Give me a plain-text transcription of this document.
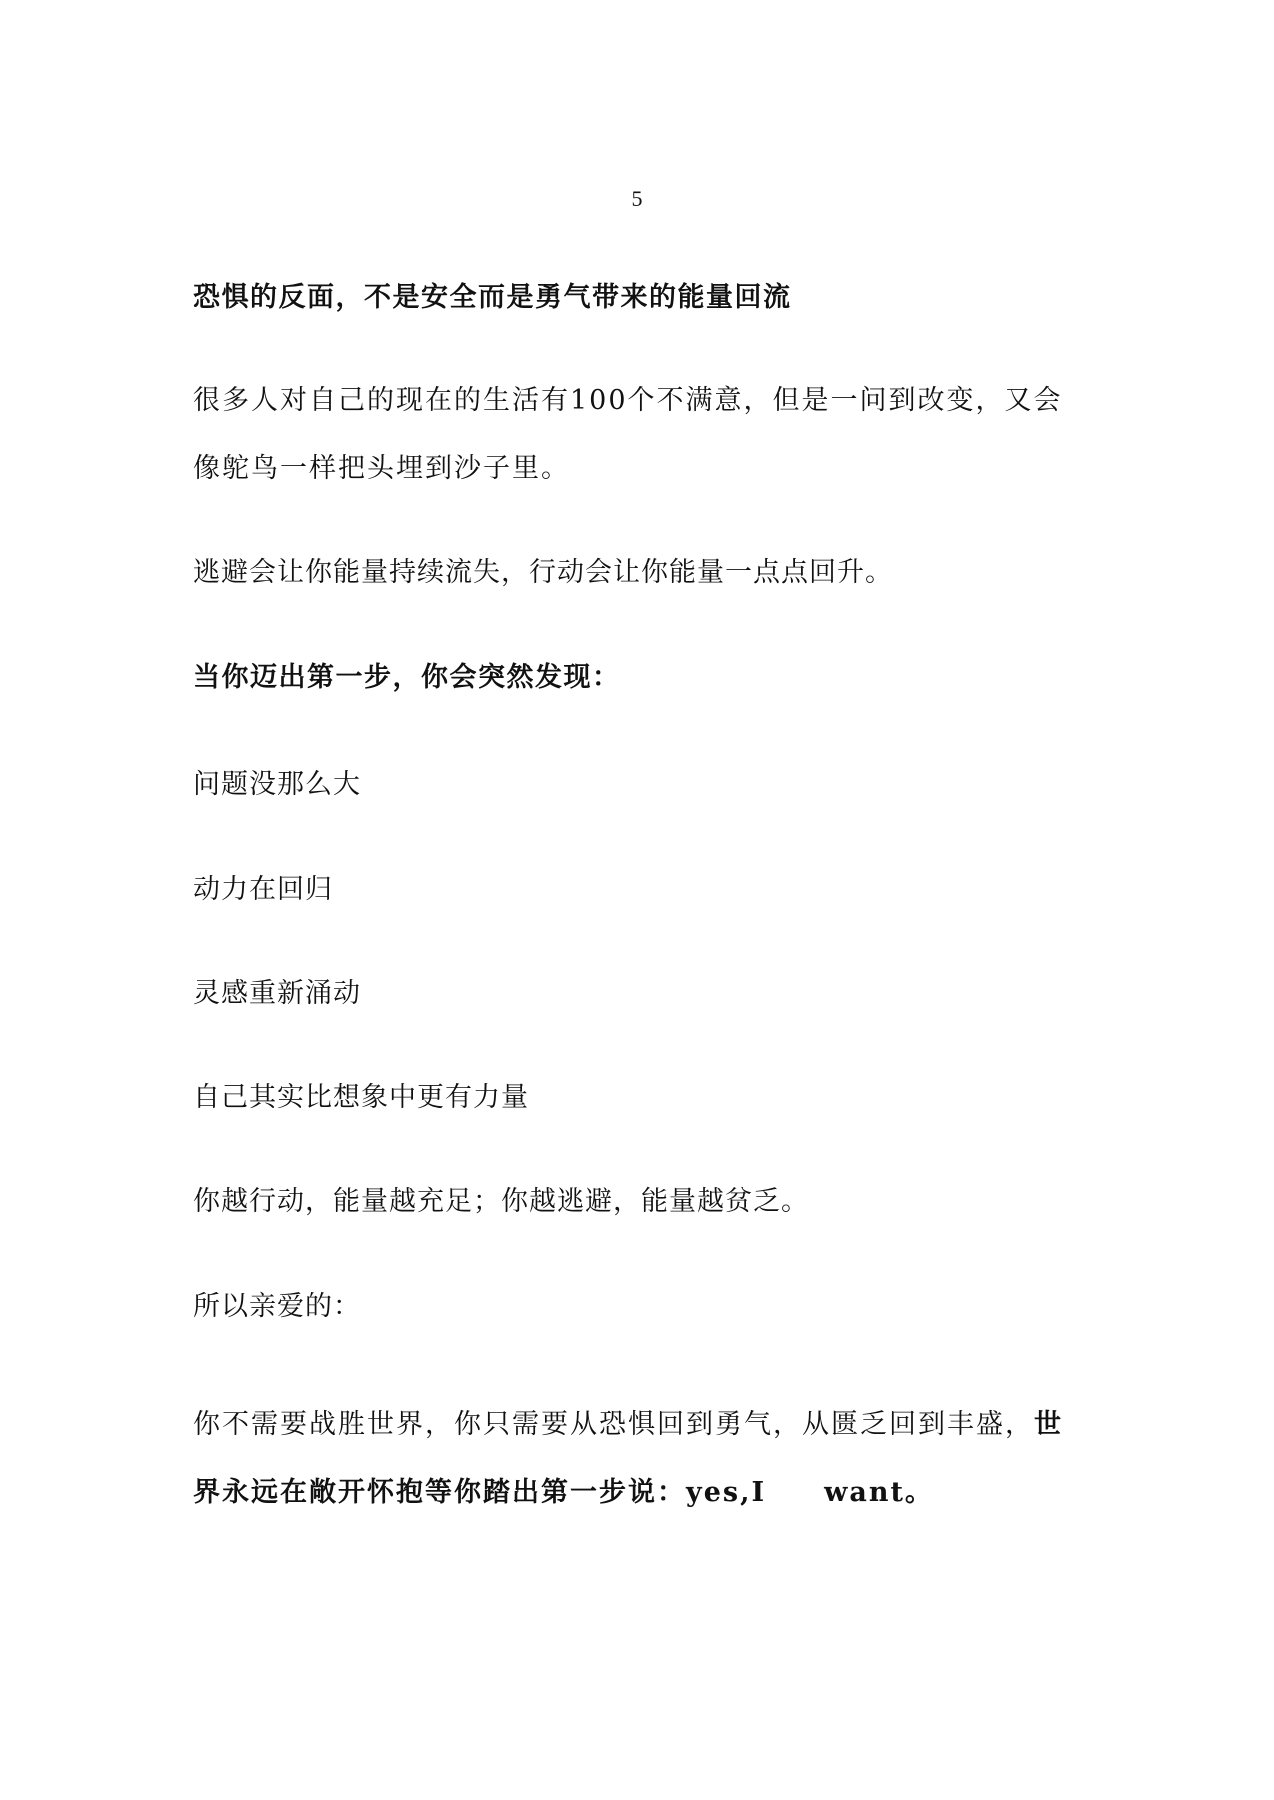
5

恐惧的反面，不是安全而是勇气带来的能量回流

很多人对自己的现在的生活有100个不满意，但是一问到改变，又会像鸵鸟一样把头埋到沙子里。

逃避会让你能量持续流失，行动会让你能量一点点回升。

当你迈出第一步，你会突然发现：

问题没那么大

动力在回归

灵感重新涌动

自己其实比想象中更有力量

你越行动，能量越充足；你越逃避，能量越贫乏。

所以亲爱的：

你不需要战胜世界，你只需要从恐惧回到勇气，从匮乏回到丰盛，世界永远在敞开怀抱等你踏出第一步说：yes,I　　want。
